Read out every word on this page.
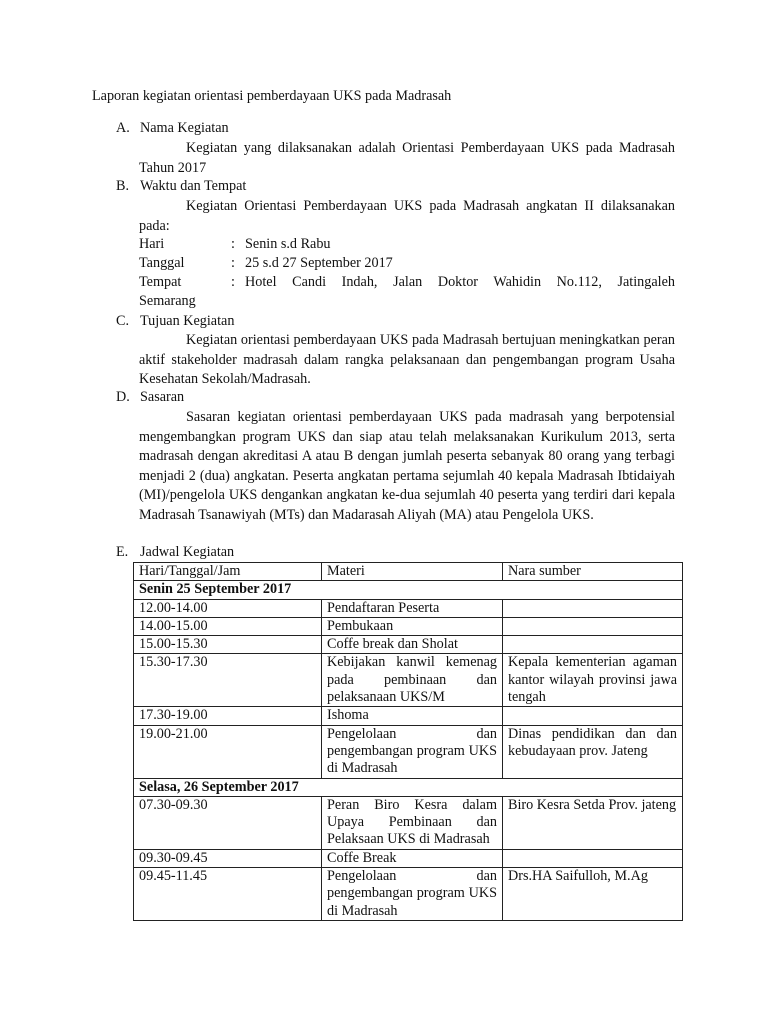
Laporan kegiatan orientasi pemberdayaan UKS pada Madrasah
A. Nama Kegiatan
Kegiatan yang dilaksanakan adalah Orientasi Pemberdayaan UKS pada Madrasah Tahun 2017
B. Waktu dan Tempat
Kegiatan Orientasi Pemberdayaan UKS pada Madrasah angkatan II dilaksanakan pada:
Hari	: Senin s.d Rabu
Tanggal	: 25 s.d 27 September 2017
Tempat	: Hotel Candi Indah, Jalan Doktor Wahidin No.112, Jatingaleh
Semarang
C. Tujuan Kegiatan
Kegiatan orientasi pemberdayaan UKS pada Madrasah bertujuan meningkatkan peran aktif stakeholder madrasah dalam rangka pelaksanaan dan pengembangan program Usaha Kesehatan Sekolah/Madrasah.
D. Sasaran
Sasaran kegiatan orientasi pemberdayaan UKS pada madrasah yang berpotensial mengembangkan program UKS dan siap atau telah melaksanakan Kurikulum 2013, serta madrasah dengan akreditasi A atau B dengan jumlah peserta sebanyak 80 orang yang terbagi menjadi 2 (dua) angkatan. Peserta angkatan pertama sejumlah 40 kepala Madrasah Ibtidaiyah (MI)/pengelola UKS dengankan angkatan ke-dua sejumlah 40 peserta yang terdiri dari kepala Madrasah Tsanawiyah (MTs) dan Madarasah Aliyah (MA) atau Pengelola UKS.
E. Jadwal Kegiatan
Hari/Tanggal/Jam	Materi	Nara sumber
Senin 25 September 2017		
12.00-14.00	Pendaftaran Peserta	
14.00-15.00	Pembukaan	
15.00-15.30	Coffe break dan Sholat	
15.30-17.30	Kebijakan kanwil kemenag pada pembinaan dan pelaksanaan UKS/M	Kepala kementerian agaman kantor wilayah provinsi jawa tengah
17.30-19.00	Ishoma	
19.00-21.00	Pengelolaan dan pengembangan program UKS di Madrasah	Dinas pendidikan dan dan kebudayaan prov. Jateng
Selasa, 26 September 2017		
07.30-09.30	Peran Biro Kesra dalam Upaya Pembinaan dan Pelaksaan UKS di Madrasah	Biro Kesra Setda Prov. jateng
09.30-09.45	Coffe Break	
09.45-11.45	Pengelolaan dan pengembangan program UKS di Madrasah	Drs.HA Saifulloh, M.Ag
